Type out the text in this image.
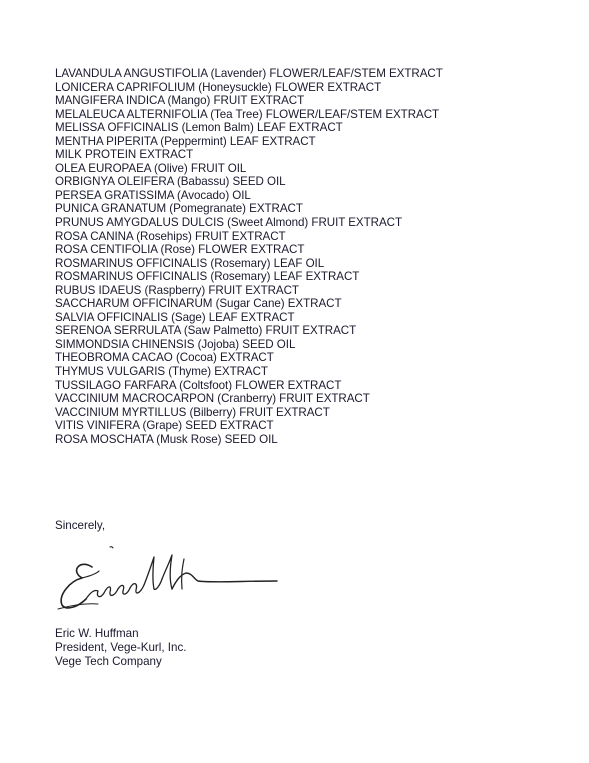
LAVANDULA ANGUSTIFOLIA (Lavender) FLOWER/LEAF/STEM EXTRACT
LONICERA CAPRIFOLIUM (Honeysuckle) FLOWER EXTRACT
MANGIFERA INDICA (Mango) FRUIT EXTRACT
MELALEUCA ALTERNIFOLIA (Tea Tree) FLOWER/LEAF/STEM EXTRACT
MELISSA OFFICINALIS (Lemon Balm) LEAF EXTRACT
MENTHA PIPERITA (Peppermint) LEAF EXTRACT
MILK PROTEIN EXTRACT
OLEA EUROPAEA (Olive) FRUIT OIL
ORBIGNYA OLEIFERA (Babassu) SEED OIL
PERSEA GRATISSIMA (Avocado) OIL
PUNICA GRANATUM (Pomegranate) EXTRACT
PRUNUS AMYGDALUS DULCIS (Sweet Almond) FRUIT EXTRACT
ROSA CANINA (Rosehips) FRUIT EXTRACT
ROSA CENTIFOLIA (Rose) FLOWER EXTRACT
ROSMARINUS OFFICINALIS (Rosemary) LEAF OIL
ROSMARINUS OFFICINALIS (Rosemary) LEAF EXTRACT
RUBUS IDAEUS (Raspberry) FRUIT EXTRACT
SACCHARUM OFFICINARUM (Sugar Cane) EXTRACT
SALVIA OFFICINALIS (Sage) LEAF EXTRACT
SERENOA SERRULATA (Saw Palmetto) FRUIT EXTRACT
SIMMONDSIA CHINENSIS (Jojoba) SEED OIL
THEOBROMA CACAO (Cocoa) EXTRACT
THYMUS VULGARIS (Thyme) EXTRACT
TUSSILAGO FARFARA (Coltsfoot) FLOWER EXTRACT
VACCINIUM MACROCARPON (Cranberry) FRUIT EXTRACT
VACCINIUM MYRTILLUS (Bilberry) FRUIT EXTRACT
VITIS VINIFERA (Grape) SEED EXTRACT
ROSA MOSCHATA (Musk Rose) SEED OIL
Sincerely,
Eric W. Huffman
President, Vege-Kurl, Inc.
Vege Tech Company
